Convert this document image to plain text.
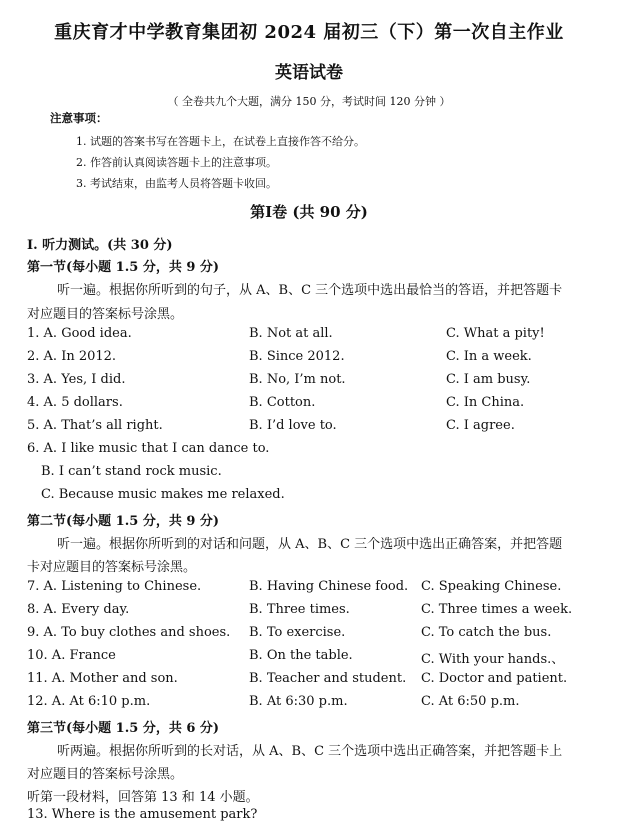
重庆育才中学教育集团初 2024 届初三（下）第一次自主作业
英语试卷
（ 全卷共九个大题，满分 150 分，考试时间 120 分钟 ）
注意事项：
1. 试题的答案书写在答题卡上，在试卷上直接作答不给分。
2. 作答前认真阅读答题卡上的注意事项。
3. 考试结束，由监考人员将答题卡收回。
第Ⅰ卷 (共 90 分)
I. 听力测试。(共 30 分)
第一节(每小题 1.5 分，共 9 分)
听一遍。根据你所听到的句子，从 A、B、C 三个选项中选出最恰当的答语，并把答题卡
对应题目的答案标号涂黑。
1. A. Good idea.	B. Not at all.	C. What a pity!
2. A. In 2012.	B. Since 2012.	C. In a week.
3. A. Yes, I did.	B. No, I’m not.	C. I am busy.
4. A. 5 dollars.	B. Cotton.	C. In China.
5. A. That’s all right.	B. I’d love to.	C. I agree.
6. A. I like music that I can dance to.
B. I can’t stand rock music.
C. Because music makes me relaxed.
第二节(每小题 1.5 分，共 9 分)
听一遍。根据你所听到的对话和问题，从 A、B、C 三个选项中选出正确答案，并把答题
卡对应题目的答案标号涂黑。
7. A. Listening to Chinese.	B. Having Chinese food. C. Speaking Chinese.
8. A. Every day.	B. Three times.	C. Three times a week.
9. A. To buy clothes and shoes. B. To exercise.	C. To catch the bus.
10. A. France	B. On the table.	C. With your hands.、
11. A. Mother and son.	B. Teacher and student. C. Doctor and patient.
12. A. At 6:10 p.m.	B. At 6:30 p.m.	C. At 6:50 p.m.
第三节(每小题 1.5 分，共 6 分)
听两遍。根据你所听到的长对话，从 A、B、C 三个选项中选出正确答案，并把答题卡上
对应题目的答案标号涂黑。
听第一段材料，回答第 13 和 14 小题。
13. Where is the amusement park?
